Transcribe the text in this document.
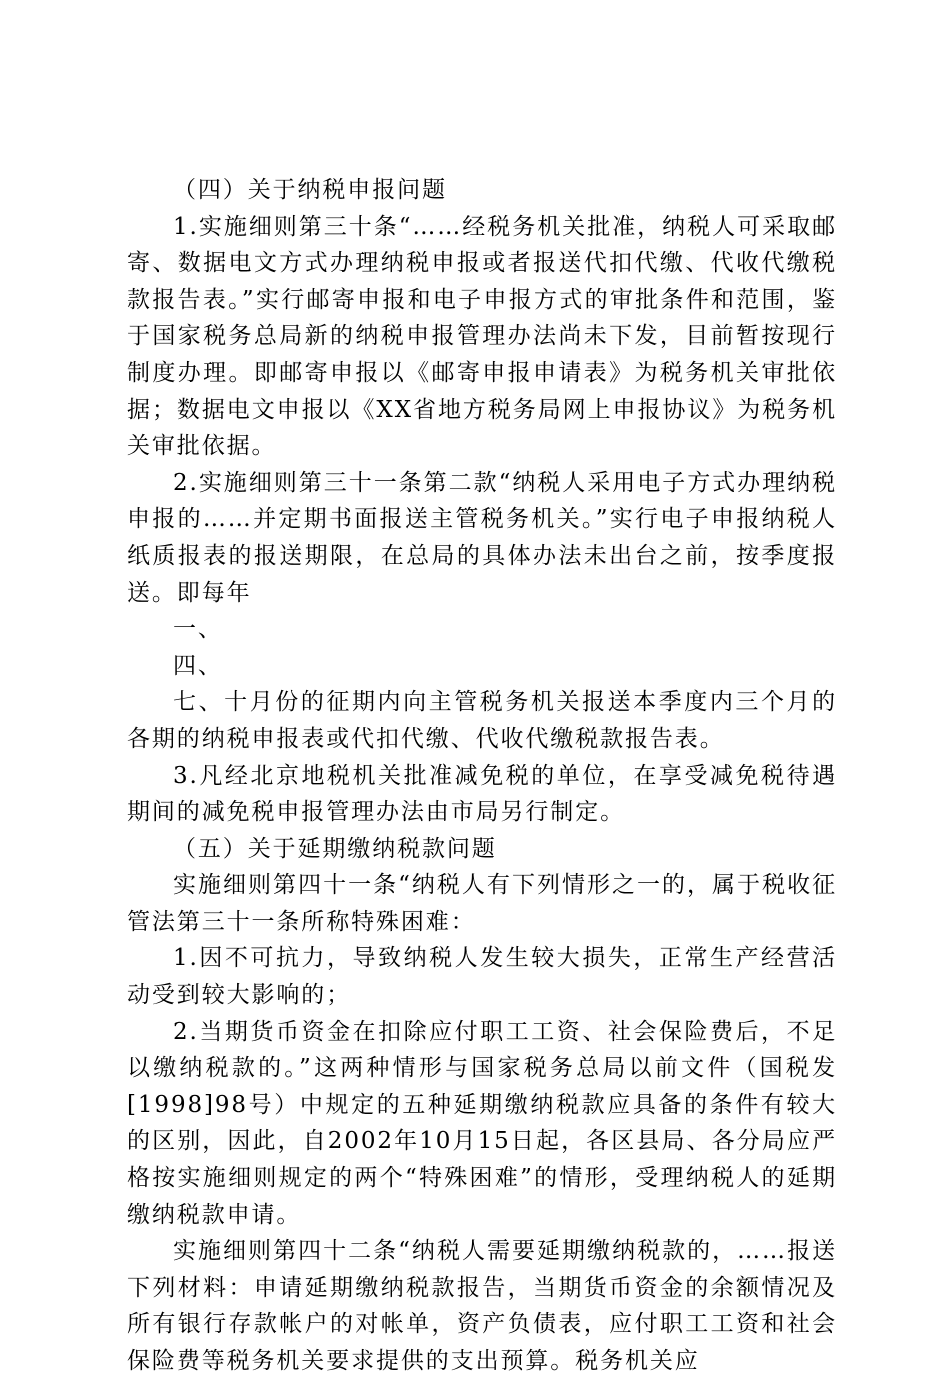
（四）关于纳税申报问题

1.实施细则第三十条“……经税务机关批准，纳税人可采取邮寄、数据电文方式办理纳税申报或者报送代扣代缴、代收代缴税款报告表。”实行邮寄申报和电子申报方式的审批条件和范围，鉴于国家税务总局新的纳税申报管理办法尚未下发，目前暂按现行制度办理。即邮寄申报以《邮寄申报申请表》为税务机关审批依据；数据电文申报以《XX省地方税务局网上申报协议》为税务机关审批依据。

2.实施细则第三十一条第二款“纳税人采用电子方式办理纳税申报的……并定期书面报送主管税务机关。”实行电子申报纳税人纸质报表的报送期限，在总局的具体办法未出台之前，按季度报送。即每年

一、

四、

七、十月份的征期内向主管税务机关报送本季度内三个月的各期的纳税申报表或代扣代缴、代收代缴税款报告表。

3.凡经北京地税机关批准减免税的单位，在享受减免税待遇期间的减免税申报管理办法由市局另行制定。

（五）关于延期缴纳税款问题

实施细则第四十一条“纳税人有下列情形之一的，属于税收征管法第三十一条所称特殊困难：

1.因不可抗力，导致纳税人发生较大损失，正常生产经营活动受到较大影响的；

2.当期货币资金在扣除应付职工工资、社会保险费后，不足以缴纳税款的。”这两种情形与国家税务总局以前文件（国税发[1998]98号）中规定的五种延期缴纳税款应具备的条件有较大的区别，因此，自2002年10月15日起，各区县局、各分局应严格按实施细则规定的两个“特殊困难”的情形，受理纳税人的延期缴纳税款申请。

实施细则第四十二条“纳税人需要延期缴纳税款的，……报送下列材料：申请延期缴纳税款报告，当期货币资金的余额情况及所有银行存款帐户的对帐单，资产负债表，应付职工工资和社会保险费等税务机关要求提供的支出预算。税务机关应
